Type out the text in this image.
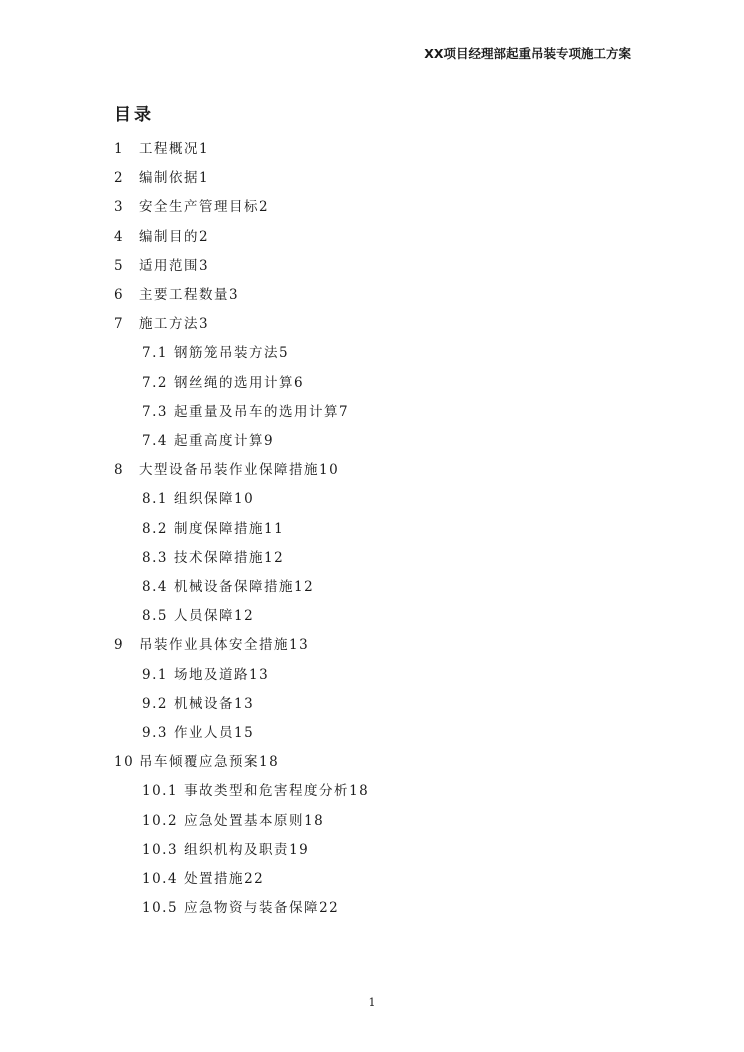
XX项目经理部起重吊装专项施工方案
目录
1 工程概况1
2 编制依据1
3 安全生产管理目标2
4 编制目的2
5 适用范围3
6 主要工程数量3
7 施工方法3
7.1 钢筋笼吊装方法5
7.2 钢丝绳的选用计算6
7.3起重量及吊车的选用计算7
7.4 起重高度计算9
8 大型设备吊装作业保障措施10
8.1 组织保障10
8.2 制度保障措施11
8.3 技术保障措施12
8.4 机械设备保障措施12
8.5 人员保障12
9 吊装作业具体安全措施13
9.1 场地及道路13
9.2 机械设备13
9.3 作业人员15
10 吊车倾覆应急预案18
10.1 事故类型和危害程度分析18
10.2 应急处置基本原则18
10.3 组织机构及职责19
10.4 处置措施22
10.5 应急物资与装备保障22
1
